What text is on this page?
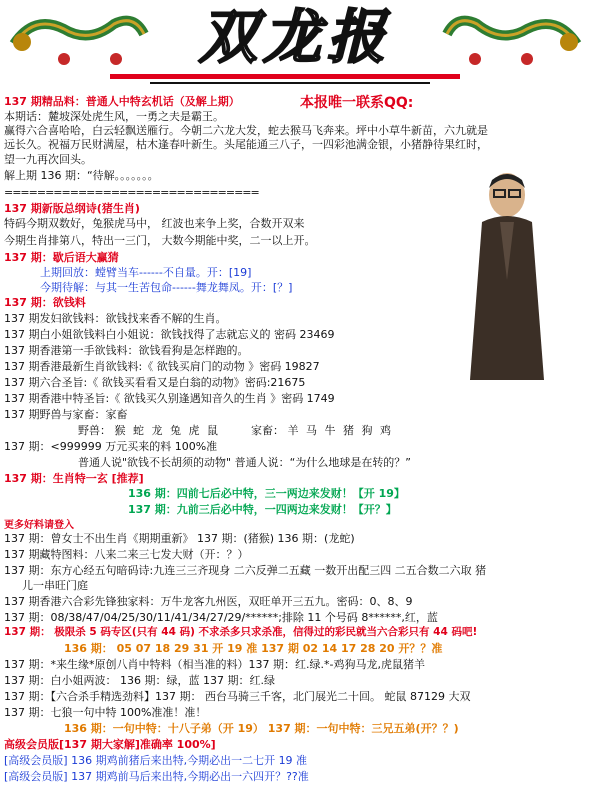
双龙报
137 期精品料：普通人中特玄机话（及解上期）	本报唯一联系QQ:
本期话：麓坡深处虎生风，一勇之夫是霸王。
赢得六合喜哈哈，白云轻飘送雁行。今朝二六龙大发，蛇去猴马飞奔来。坪中小草牛新苗，六九就是
远长久。祝福万民财满屋，枯木逢春叶新生。头尾能通三八子，一四彩池满金银，小猪静待果红时，
望一九再次回头。
解上期 136 期：“待解。。。。。。。
===============================
137 期新版总纲诗(猪生肖)
特码今期双数好，兔猴虎马中， 红波也来争上奖，合数开双来
今期生肖排第八，特出一三门， 大数今期能中奖，二一以上开。
137 期：歇后语大赢猜
上期回放：螳臂当车------不自量。开：[19]
今期待解：与其一生苦包命------舞龙舞凤。开：[？]
137 期：欲钱料
137 期发妇欲钱料：欲钱找来香不解的生肖。
137 期白小姐欲钱料白小姐说：欲钱找得了志就忘义的 密码 23469
137 期香港第一手欲钱料：欲钱看狗是怎样跑的。
137 期香港最新生肖欲钱料:《 欲钱买肩门的动物 》密码 19827
137 期六合圣旨:《 欲钱买看看又是白翁的动物》密码:21675
137 期香港中特圣旨:《 欲钱买久别逢遇知音久的生肖 》密码 1749
137 期野兽与家畜：家畜
野兽： 猴 蛇 龙 兔 虎 鼠	家畜： 羊 马 牛 猪 狗 鸡
137 期：<999999 万元买来的料 100%准
普通人说"欲钱不长胡须的动物" 普通人说：“为什么地球是在转的？”
137 期：生肖特一玄 [推荐]
136 期：四前七后必中特，三一两边来发财！【开 19】
137 期：九前三后必中特，一四两边来发财！【开？】
更多好料请登入
137 期：曾女士不出生肖《期期重新》 137 期：(猪猴) 136 期：(龙蛇)
137 期藏特图料：八来二来三七发大财（开：？）
137 期：东方心经五句暗码诗:九连三三齐现身 二六反弹二五藏 一数开出配三四 二五合数二六取 猪
儿一串旺门庭
137 期香港六合彩先锋独家料：万牛龙客九州医，双旺单开三五九。密码：0、8、9
137 期：08/38/47/04/25/30/11/41/34/27/29/******;排除 11 个号码 8******,红，蓝
137 期： 极限杀 5 码专区(只有 44 码) 不求杀多只求杀准，信得过的彩民就当六合彩只有 44 码吧!
136 期： 05 07 18 29 31 开 19 准 137 期 02 14 17 28 20 开？？准
137 期：*来生缘*原创八肖中特料（相当准的料）137 期：红.绿.*-鸡狗马龙,虎鼠猪羊
137 期：白小姐两波： 136 期：绿，蓝 137 期：红.绿
137 期：【六合杀手精选劲料】137 期： 西台马骑三千客，北门展光二十回。 蛇鼠 87129 大双
137 期：七狼一句中特 100%准准！准！
136 期：一句中特：十八子弟（开 19） 137 期：一句中特：三兄五弟(开？？)
高级会员版[137 期大家解]准确率 100%]
[高级会员版] 136 期鸡前猪后来出特,今期必出一二七开 19 准
[高级会员版] 137 期鸡前马后来出特,今期必出一六四开？??准
